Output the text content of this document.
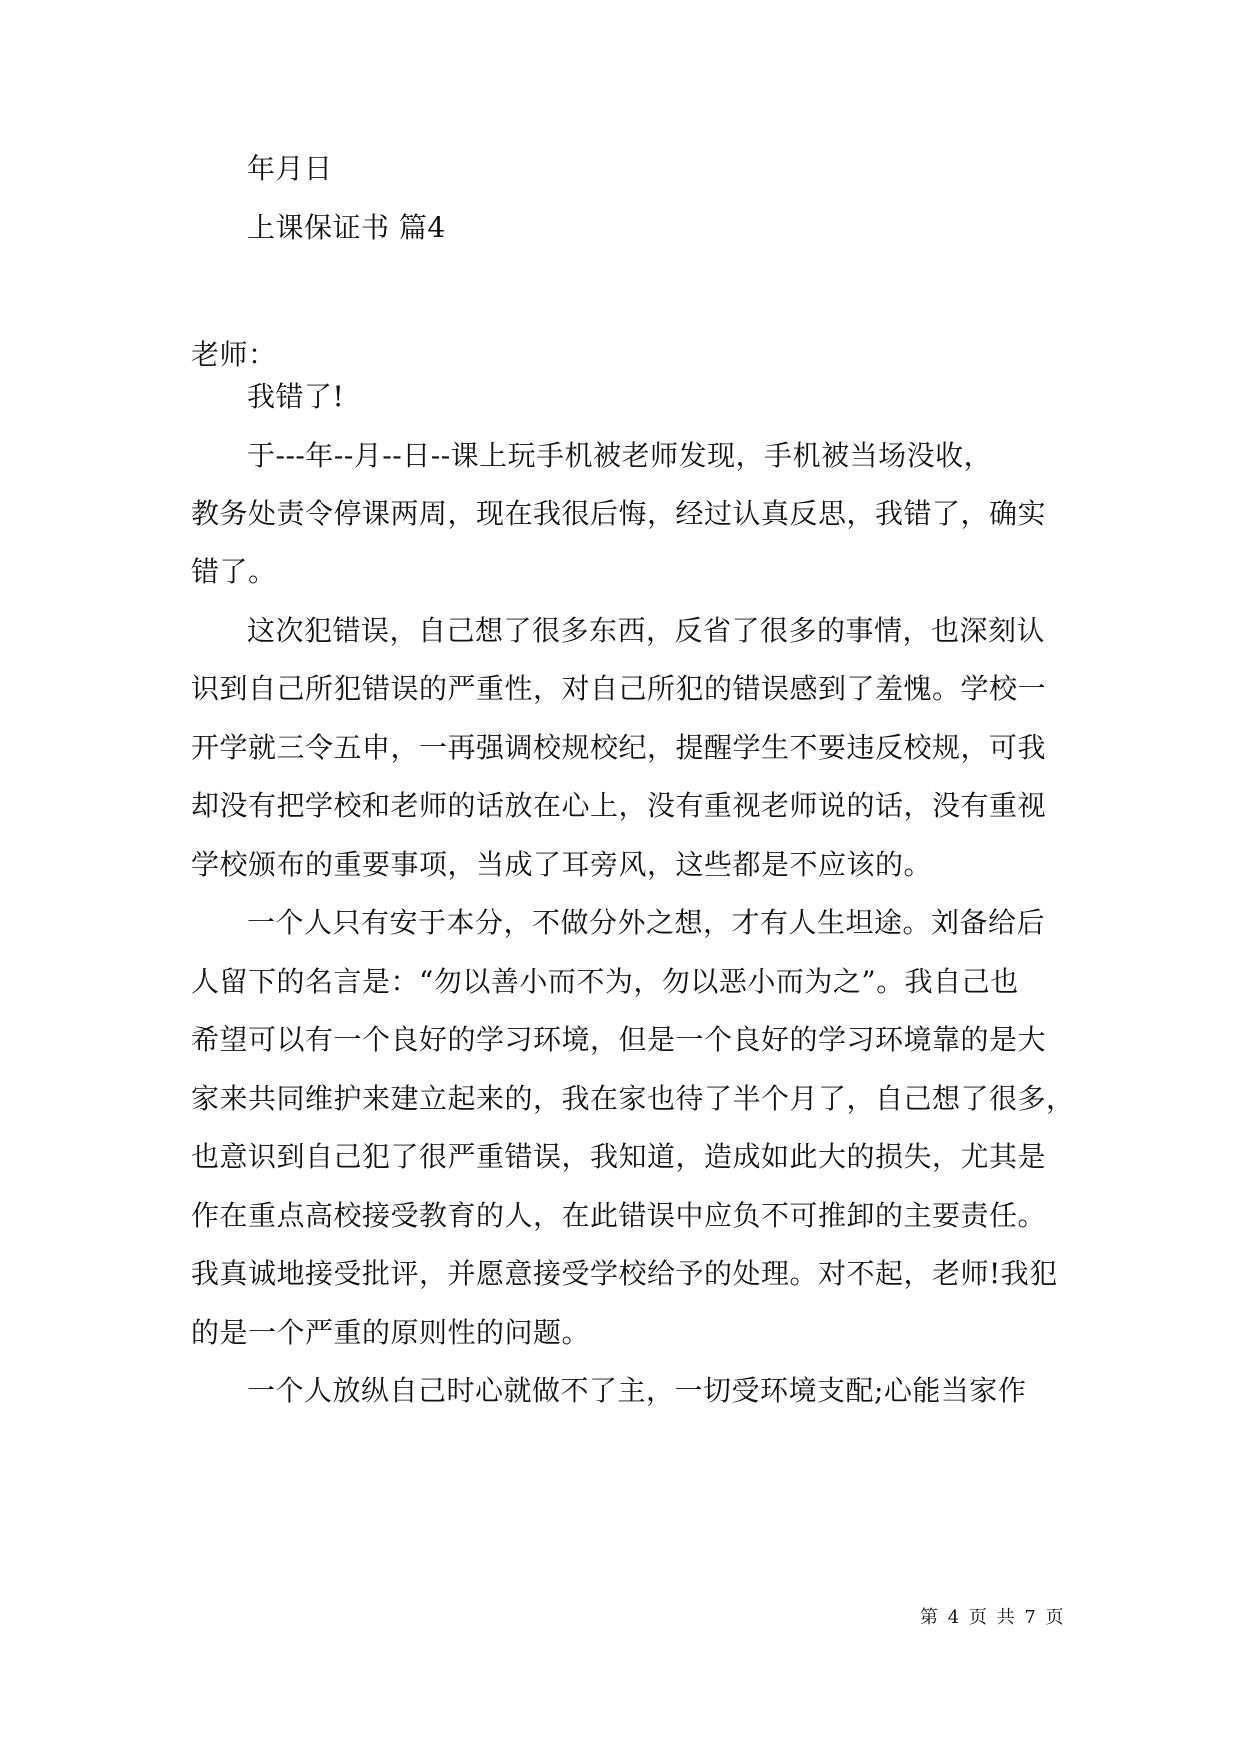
年月日
上课保证书 篇4
老师：
我错了!
于---年--月--日--课上玩手机被老师发现，手机被当场没收，
教务处责令停课两周，现在我很后悔，经过认真反思，我错了，确实
错了。
这次犯错误，自己想了很多东西，反省了很多的事情，也深刻认
识到自己所犯错误的严重性，对自己所犯的错误感到了羞愧。学校一
开学就三令五申，一再强调校规校纪，提醒学生不要违反校规，可我
却没有把学校和老师的话放在心上，没有重视老师说的话，没有重视
学校颁布的重要事项，当成了耳旁风，这些都是不应该的。
一个人只有安于本分，不做分外之想，才有人生坦途。刘备给后
人留下的名言是：“勿以善小而不为，勿以恶小而为之”。我自己也
希望可以有一个良好的学习环境，但是一个良好的学习环境靠的是大
家来共同维护来建立起来的，我在家也待了半个月了，自己想了很多，
也意识到自己犯了很严重错误，我知道，造成如此大的损失，尤其是
作在重点高校接受教育的人，在此错误中应负不可推卸的主要责任。
我真诚地接受批评，并愿意接受学校给予的处理。对不起，老师!我犯
的是一个严重的原则性的问题。
一个人放纵自己时心就做不了主，一切受环境支配;心能当家作
第 4 页 共 7 页
